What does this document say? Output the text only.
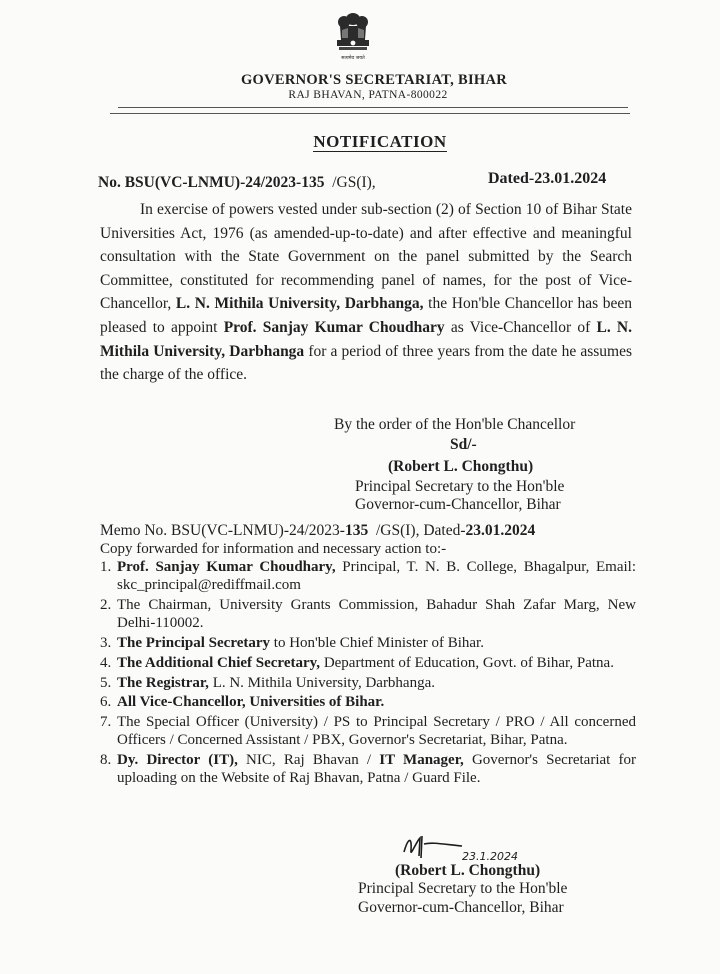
सत्यमेव जयते
GOVERNOR'S SECRETARIAT, BIHAR
RAJ BHAVAN, PATNA-800022
NOTIFICATION
No. BSU(VC-LNMU)-24/2023-135 /GS(I),	Dated-23.01.2024

In exercise of powers vested under sub-section (2) of Section 10 of Bihar State Universities Act, 1976 (as amended-up-to-date) and after effective and meaningful consultation with the State Government on the panel submitted by the Search Committee, constituted for recommending panel of names, for the post of Vice-Chancellor, L. N. Mithila University, Darbhanga, the Hon'ble Chancellor has been pleased to appoint Prof. Sanjay Kumar Choudhary as Vice-Chancellor of L. N. Mithila University, Darbhanga for a period of three years from the date he assumes the charge of the office.

By the order of the Hon'ble Chancellor
Sd/-
(Robert L. Chongthu)
Principal Secretary to the Hon'ble
Governor-cum-Chancellor, Bihar
Memo No. BSU(VC-LNMU)-24/2023-135 /GS(I), Dated-23.01.2024
Copy forwarded for information and necessary action to:-
1. Prof. Sanjay Kumar Choudhary, Principal, T. N. B. College, Bhagalpur, Email: skc_principal@rediffmail.com
2. The Chairman, University Grants Commission, Bahadur Shah Zafar Marg, New Delhi-110002.
3. The Principal Secretary to Hon'ble Chief Minister of Bihar.
4. The Additional Chief Secretary, Department of Education, Govt. of Bihar, Patna.
5. The Registrar, L. N. Mithila University, Darbhanga.
6. All Vice-Chancellor, Universities of Bihar.
7. The Special Officer (University) / PS to Principal Secretary / PRO / All concerned Officers / Concerned Assistant / PBX, Governor's Secretariat, Bihar, Patna.
8. Dy. Director (IT), NIC, Raj Bhavan / IT Manager, Governor's Secretariat for uploading on the Website of Raj Bhavan, Patna / Guard File.
23.1.2024
(Robert L. Chongthu)
Principal Secretary to the Hon'ble
Governor-cum-Chancellor, Bihar
